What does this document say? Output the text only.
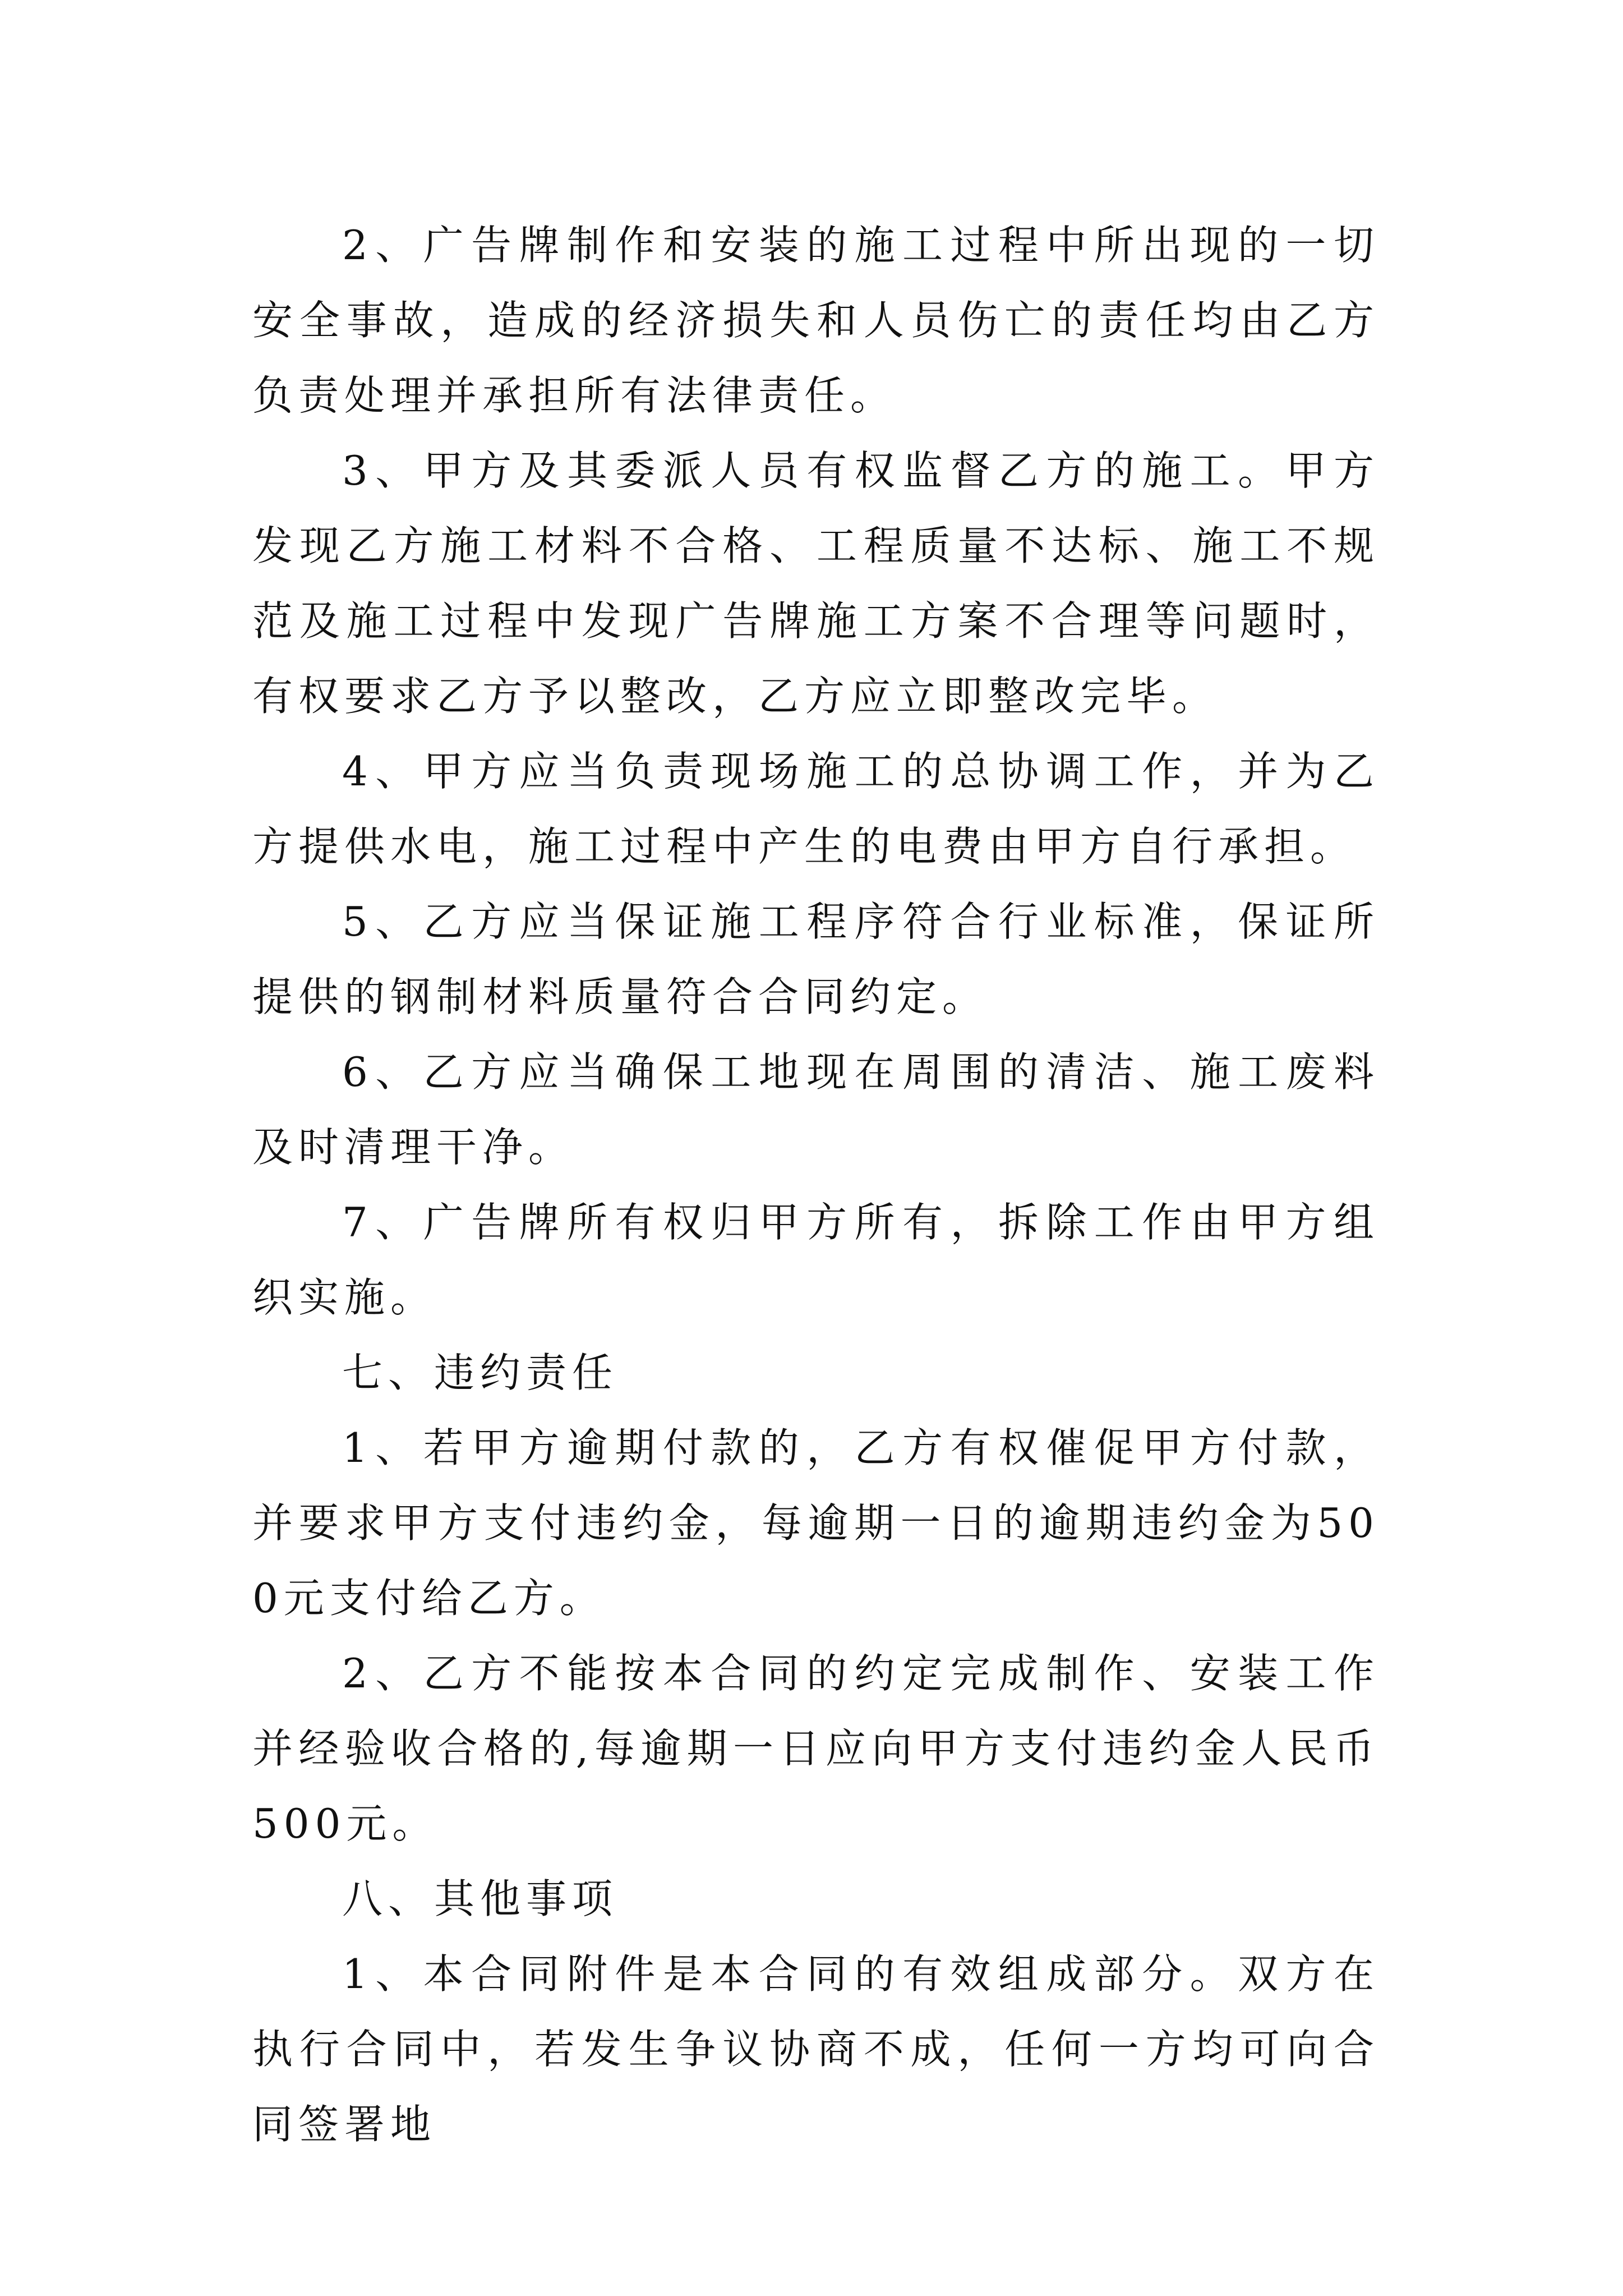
2、广告牌制作和安装的施工过程中所出现的一切安全事故，造成的经济损失和人员伤亡的责任均由乙方负责处理并承担所有法律责任。

3、甲方及其委派人员有权监督乙方的施工。甲方发现乙方施工材料不合格、工程质量不达标、施工不规范及施工过程中发现广告牌施工方案不合理等问题时，有权要求乙方予以整改，乙方应立即整改完毕。

4、甲方应当负责现场施工的总协调工作，并为乙方提供水电，施工过程中产生的电费由甲方自行承担。

5、乙方应当保证施工程序符合行业标准，保证所提供的钢制材料质量符合合同约定。

6、乙方应当确保工地现在周围的清洁、施工废料及时清理干净。

7、广告牌所有权归甲方所有，拆除工作由甲方组织实施。

七、违约责任

1、若甲方逾期付款的，乙方有权催促甲方付款，并要求甲方支付违约金，每逾期一日的逾期违约金为500元支付给乙方。

2、乙方不能按本合同的约定完成制作、安装工作并经验收合格的,每逾期一日应向甲方支付违约金人民币500元。

八、其他事项

1、本合同附件是本合同的有效组成部分。双方在执行合同中，若发生争议协商不成，任何一方均可向合同签署地
